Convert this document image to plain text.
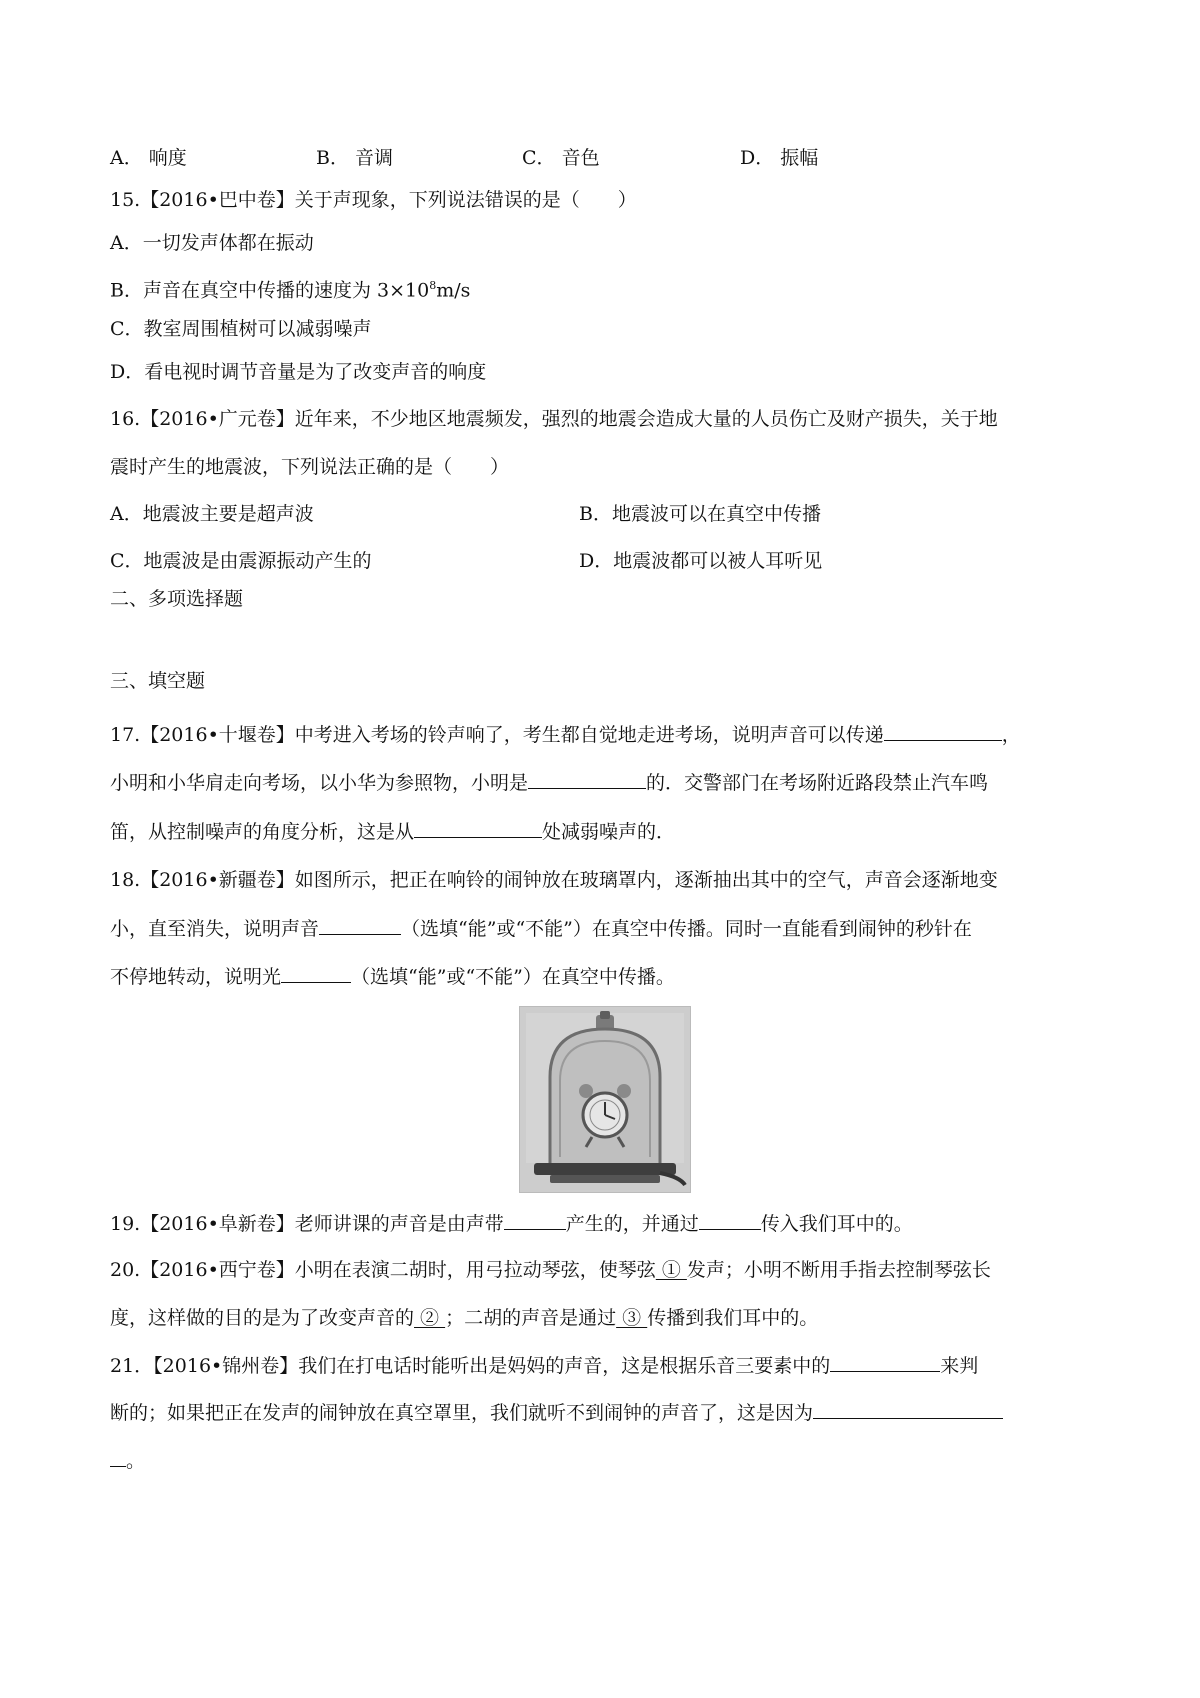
A． 响度	B． 音调	C． 音色	D． 振幅
15.【2016•巴中卷】关于声现象，下列说法错误的是（　　）
A．一切发声体都在振动
B．声音在真空中传播的速度为 $3\times 10^8m/s$
C．教室周围植树可以减弱噪声
D．看电视时调节音量是为了改变声音的响度
16.【2016•广元卷】近年来，不少地区地震频发，强烈的地震会造成大量的人员伤亡及财产损失，关于地
震时产生的地震波，下列说法正确的是（　　）
A．地震波主要是超声波	B．地震波可以在真空中传播
C．地震波是由震源振动产生的	D．地震波都可以被人耳听见
二、多项选择题
三、填空题
17.【2016•十堰卷】中考进入考场的铃声响了，考生都自觉地走进考场，说明声音可以传递	，
小明和小华肩走向考场，以小华为参照物，小明是	的．交警部门在考场附近路段禁止汽车鸣
笛，从控制噪声的角度分析，这是从	处减弱噪声的．
18.【2016•新疆卷】如图所示，把正在响铃的闹钟放在玻璃罩内，逐渐抽出其中的空气，声音会逐渐地变
小，直至消失，说明声音	（选填“能”或“不能”）在真空中传播。同时一直能看到闹钟的秒针在
不停地转动，说明光	（选填“能”或“不能”）在真空中传播。
19.【2016•阜新卷】老师讲课的声音是由声带	产生的，并通过	传入我们耳中的。
20.【2016•西宁卷】小明在表演二胡时，用弓拉动琴弦，使琴弦 ① 发声；小明不断用手指去控制琴弦长
度，这样做的目的是为了改变声音的 ② ；二胡的声音是通过 ③ 传播到我们耳中的。
21．【2016•锦州卷】我们在打电话时能听出是妈妈的声音，这是根据乐音三要素中的	来判
断的；如果把正在发声的闹钟放在真空罩里，我们就听不到闹钟的声音了，这是因为
。
